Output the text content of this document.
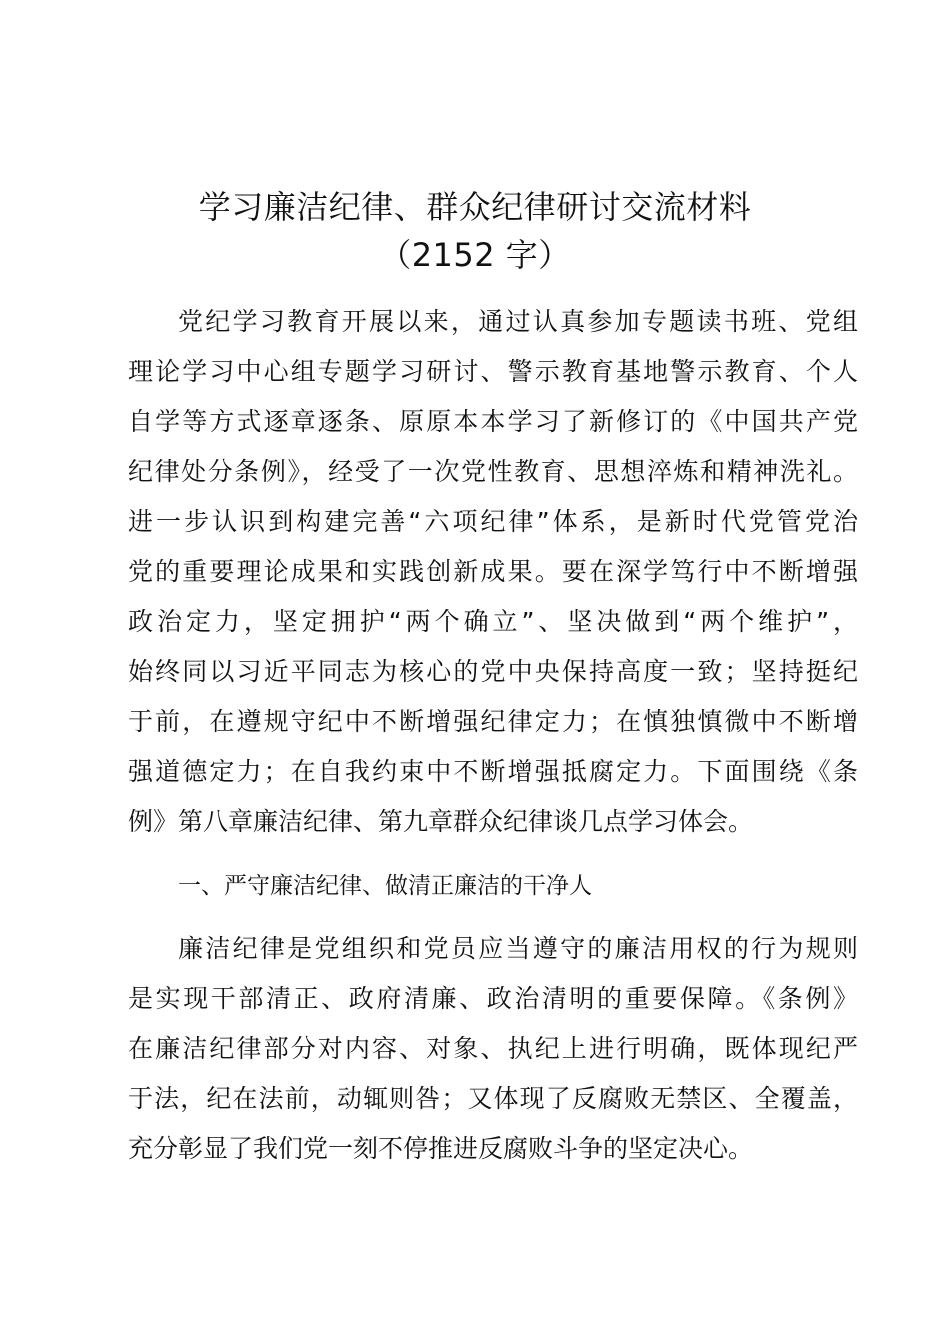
学习廉洁纪律、群众纪律研讨交流材料
（2152 字）
党纪学习教育开展以来，通过认真参加专题读书班、党组
理论学习中心组专题学习研讨、警示教育基地警示教育、个人
自学等方式逐章逐条、原原本本学习了新修订的《中国共产党
纪律处分条例》，经受了一次党性教育、思想淬炼和精神洗礼。
进一步认识到构建完善“六项纪律”体系，是新时代党管党治
党的重要理论成果和实践创新成果。要在深学笃行中不断增强
政治定力，坚定拥护“两个确立”、坚决做到“两个维护”，
始终同以习近平同志为核心的党中央保持高度一致；坚持挺纪
于前，在遵规守纪中不断增强纪律定力；在慎独慎微中不断增
强道德定力；在自我约束中不断增强抵腐定力。下面围绕《条
例》第八章廉洁纪律、第九章群众纪律谈几点学习体会。
一、严守廉洁纪律、做清正廉洁的干净人
廉洁纪律是党组织和党员应当遵守的廉洁用权的行为规则
是实现干部清正、政府清廉、政治清明的重要保障。《条例》
在廉洁纪律部分对内容、对象、执纪上进行明确，既体现纪严
于法，纪在法前，动辄则咎；又体现了反腐败无禁区、全覆盖，
充分彰显了我们党一刻不停推进反腐败斗争的坚定决心。
